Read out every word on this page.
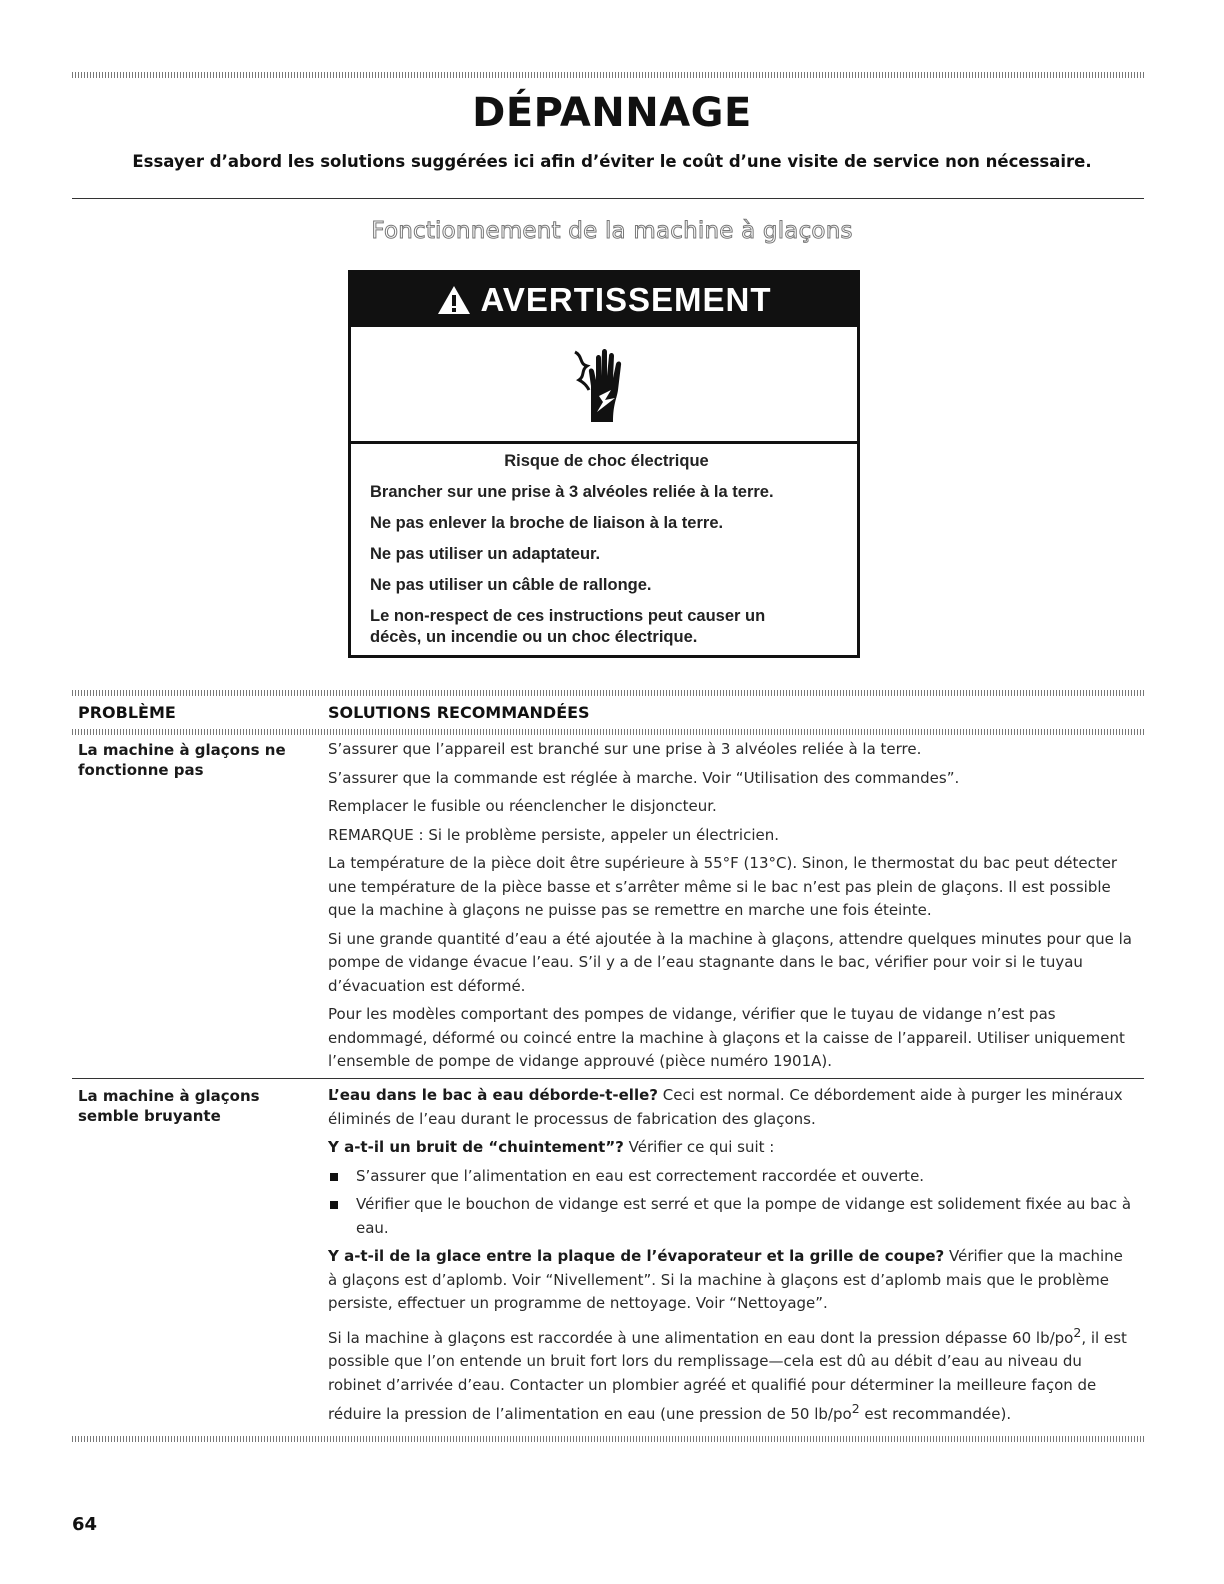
DÉPANNAGE
Essayer d’abord les solutions suggérées ici afin d’éviter le coût d’une visite de service non nécessaire.
Fonctionnement de la machine à glaçons
AVERTISSEMENT
Risque de choc électrique

Brancher sur une prise à 3 alvéoles reliée à la terre.

Ne pas enlever la broche de liaison à la terre.

Ne pas utiliser un adaptateur.

Ne pas utiliser un câble de rallonge.

Le non-respect de ces instructions peut causer un décès, un incendie ou un choc électrique.

PROBLÈME	SOLUTIONS RECOMMANDÉES
La machine à glaçons ne fonctionne pas

S’assurer que l’appareil est branché sur une prise à 3 alvéoles reliée à la terre.

S’assurer que la commande est réglée à marche. Voir “Utilisation des commandes”.

Remplacer le fusible ou réenclencher le disjoncteur.

REMARQUE : Si le problème persiste, appeler un électricien.

La température de la pièce doit être supérieure à 55°F (13°C). Sinon, le thermostat du bac peut détecter une température de la pièce basse et s’arrêter même si le bac n’est pas plein de glaçons. Il est possible que la machine à glaçons ne puisse pas se remettre en marche une fois éteinte.

Si une grande quantité d’eau a été ajoutée à la machine à glaçons, attendre quelques minutes pour que la pompe de vidange évacue l’eau. S’il y a de l’eau stagnante dans le bac, vérifier pour voir si le tuyau d’évacuation est déformé.

Pour les modèles comportant des pompes de vidange, vérifier que le tuyau de vidange n’est pas endommagé, déformé ou coincé entre la machine à glaçons et la caisse de l’appareil. Utiliser uniquement l’ensemble de pompe de vidange approuvé (pièce numéro 1901A).

La machine à glaçons semble bruyante

L’eau dans le bac à eau déborde-t-elle? Ceci est normal. Ce débordement aide à purger les minéraux éliminés de l’eau durant le processus de fabrication des glaçons.

Y a-t-il un bruit de “chuintement”? Vérifier ce qui suit :

S’assurer que l’alimentation en eau est correctement raccordée et ouverte.
Vérifier que le bouchon de vidange est serré et que la pompe de vidange est solidement fixée au bac à eau.

Y a-t-il de la glace entre la plaque de l’évaporateur et la grille de coupe? Vérifier que la machine à glaçons est d’aplomb. Voir “Nivellement”. Si la machine à glaçons est d’aplomb mais que le problème persiste, effectuer un programme de nettoyage. Voir “Nettoyage”.

Si la machine à glaçons est raccordée à une alimentation en eau dont la pression dépasse 60 $lb/po^2$, il est possible que l’on entende un bruit fort lors du remplissage—cela est dû au débit d’eau au niveau du robinet d’arrivée d’eau. Contacter un plombier agréé et qualifié pour déterminer la meilleure façon de réduire la pression de l’alimentation en eau (une pression de 50 $lb/po^2$ est recommandée).

64
